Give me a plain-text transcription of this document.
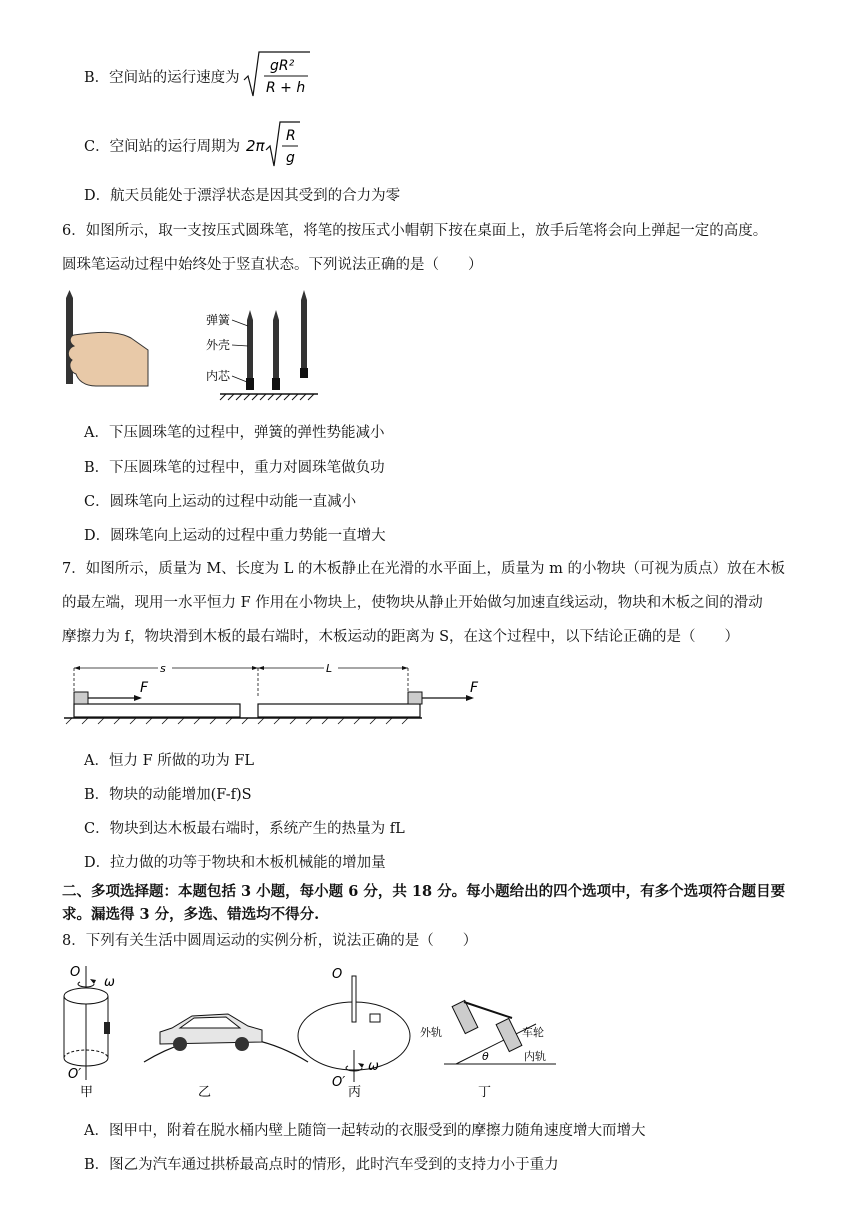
B．空间站的运行速度为
gR²
R + h
C．空间站的运行周期为 2π
R
g
D．航天员能处于漂浮状态是因其受到的合力为零
6．如图所示，取一支按压式圆珠笔，将笔的按压式小帽朝下按在桌面上，放手后笔将会向上弹起一定的高度。
圆珠笔运动过程中始终处于竖直状态。下列说法正确的是（　　）
弹簧
外壳
内芯
A．下压圆珠笔的过程中，弹簧的弹性势能减小
B．下压圆珠笔的过程中，重力对圆珠笔做负功
C．圆珠笔向上运动的过程中动能一直减小
D．圆珠笔向上运动的过程中重力势能一直增大
7．如图所示，质量为 M、长度为 L 的木板静止在光滑的水平面上，质量为 m 的小物块（可视为质点）放在木板
的最左端，现用一水平恒力 F 作用在小物块上，使物块从静止开始做匀加速直线运动，物块和木板之间的滑动
摩擦力为 f，物块滑到木板的最右端时，木板运动的距离为 S，在这个过程中，以下结论正确的是（　　）
s	L
F	F
A．恒力 F 所做的功为 FL
B．物块的动能增加(F-f)S
C．物块到达木板最右端时，系统产生的热量为 fL
D．拉力做的功等于物块和木板机械能的增加量
二、多项选择题：本题包括 3 小题，每小题 6 分，共 18 分。每小题给出的四个选项中，有多个选项符合题目要
求。漏选得 3 分，多选、错选均不得分.
8．下列有关生活中圆周运动的实例分析，说法正确的是（　　）
O
ω
O′
O
ω
O′
外轨	车轮
内轨
θ
甲	乙	丙	丁
A．图甲中，附着在脱水桶内壁上随筒一起转动的衣服受到的摩擦力随角速度增大而增大
B．图乙为汽车通过拱桥最高点时的情形，此时汽车受到的支持力小于重力
